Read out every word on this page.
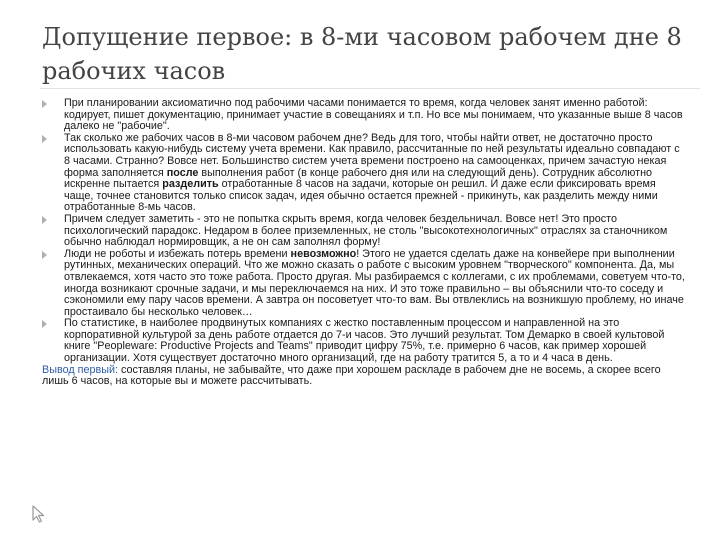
Допущение первое: в 8-ми часовом рабочем дне 8 рабочих часов
При планировании аксиоматично под рабочими часами понимается то время, когда человек занят именно работой: кодирует, пишет документацию, принимает участие в совещаниях и т.п. Но все мы понимаем, что указанные выше 8 часов далеко не "рабочие".
Так сколько же рабочих часов в 8-ми часовом рабочем дне? Ведь для того, чтобы найти ответ, не достаточно просто использовать какую-нибудь систему учета времени. Как правило, рассчитанные по ней результаты идеально совпадают с 8 часами. Странно? Вовсе нет. Большинство систем учета времени построено на самооценках, причем зачастую некая форма заполняется после выполнения работ (в конце рабочего дня или на следующий день). Сотрудник абсолютно искренне пытается разделить отработанные 8 часов на задачи, которые он решил. И даже если фиксировать время чаще, точнее становится только список задач, идея обычно остается прежней - прикинуть, как разделить между ними отработанные 8-мь часов.
Причем следует заметить - это не попытка скрыть время, когда человек бездельничал. Вовсе нет! Это просто психологический парадокс. Недаром в более приземленных, не столь "высокотехнологичных" отраслях за станочником обычно наблюдал нормировщик, а не он сам заполнял форму!
Люди не роботы и избежать потерь времени невозможно! Этого не удается сделать даже на конвейере при выполнении рутинных, механических операций. Что же можно сказать о работе с высоким уровнем "творческого" компонента. Да, мы отвлекаемся, хотя часто это тоже работа. Просто другая. Мы разбираемся с коллегами, с их проблемами, советуем что-то, иногда возникают срочные задачи, и мы переключаемся на них. И это тоже правильно – вы объяснили что-то соседу и сэкономили ему пару часов времени. А завтра он посоветует что-то вам. Вы отвлеклись на возникшую проблему, но иначе простаивало бы несколько человек…
По статистике, в наиболее продвинутых компаниях с жестко поставленным процессом и направленной на это корпоративной культурой за день работе отдается до 7-и часов. Это лучший результат. Том Демарко в своей культовой книге "Peopleware: Productive Projects and Teams" приводит цифру 75%, т.е. примерно 6 часов, как пример хорошей организации. Хотя существует достаточно много организаций, где на работу тратится 5, а то и 4 часа в день.
Вывод первый: составляя планы, не забывайте, что даже при хорошем раскладе в рабочем дне не восемь, а скорее всего лишь 6 часов, на которые вы и можете рассчитывать.
